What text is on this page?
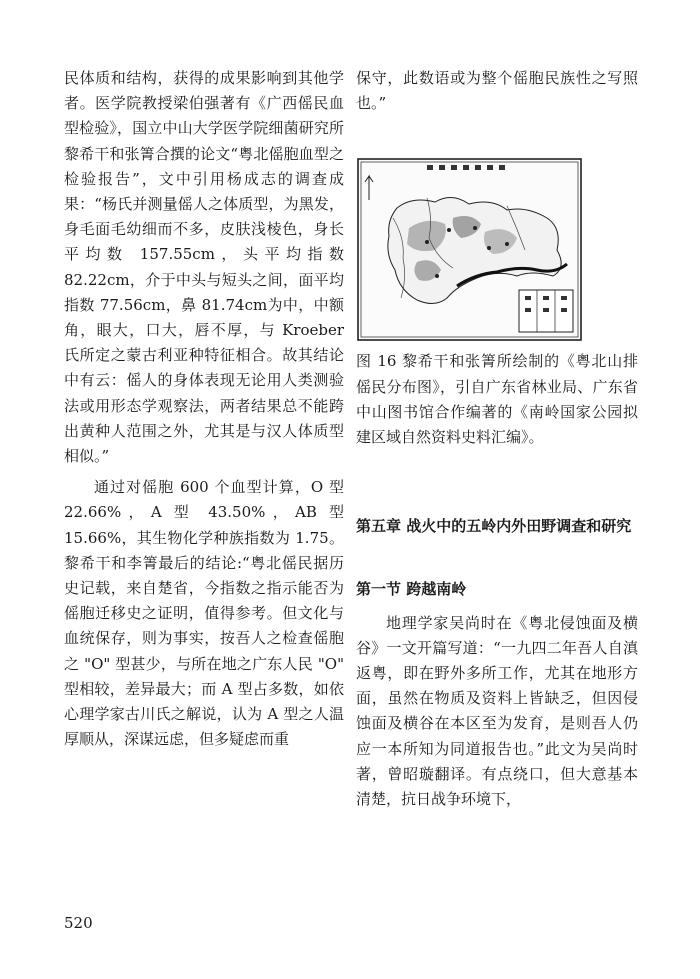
民体质和结构，获得的成果影响到其他学者。医学院教授梁伯强著有《广西傜民血型检验》，国立中山大学医学院细菌研究所黎希干和张箐合撰的论文“粤北傜胞血型之检验报告”，文中引用杨成志的调查成果：“杨氏并测量傜人之体质型，为黑发，身毛面毛幼细而不多，皮肤浅棱色，身长平均数 157.55cm，头平均指数 82.22cm，介于中头与短头之间，面平均指数 77.56cm，鼻 81.74cm为中，中额角，眼大，口大，唇不厚，与 Kroeber 氏所定之蒙古利亚种特征相合。故其结论中有云：傜人的身体表现无论用人类测验法或用形态学观察法，两者结果总不能跨出黄种人范围之外，尤其是与汉人体质型相似。”

通过对傜胞 600 个血型计算，O 型 22.66%，A 型 43.50%，AB 型 15.66%，其生物化学种族指数为 1.75。黎希干和李箐最后的结论:“粤北傜民据历史记载，来自楚省，今指数之指示能否为傜胞迁移史之证明，值得参考。但文化与血统保存，则为事实，按吾人之检查傜胞之 "O" 型甚少，与所在地之广东人民 "O" 型相较，差异最大；而 A 型占多数，如依心理学家古川氏之解说，认为 A 型之人温厚顺从，深谋远虑，但多疑虑而重

保守，此数语或为整个傜胞民族性之写照也。”

图 16 黎希干和张箐所绘制的《粤北山排傜民分布图》，引自广东省林业局、广东省中山图书馆合作编著的《南岭国家公园拟建区域自然资料史料汇编》。

第五章 战火中的五岭内外田野调查和研究

第一节 跨越南岭

地理学家吴尚时在《粤北侵蚀面及横谷》一文开篇写道：“一九四二年吾人自滇返粤，即在野外多所工作，尤其在地形方面，虽然在物质及资料上皆缺乏，但因侵蚀面及横谷在本区至为发育，是则吾人仍应一本所知为同道报告也。”此文为吴尚时著，曾昭璇翻译。有点绕口，但大意基本清楚，抗日战争环境下，

520
